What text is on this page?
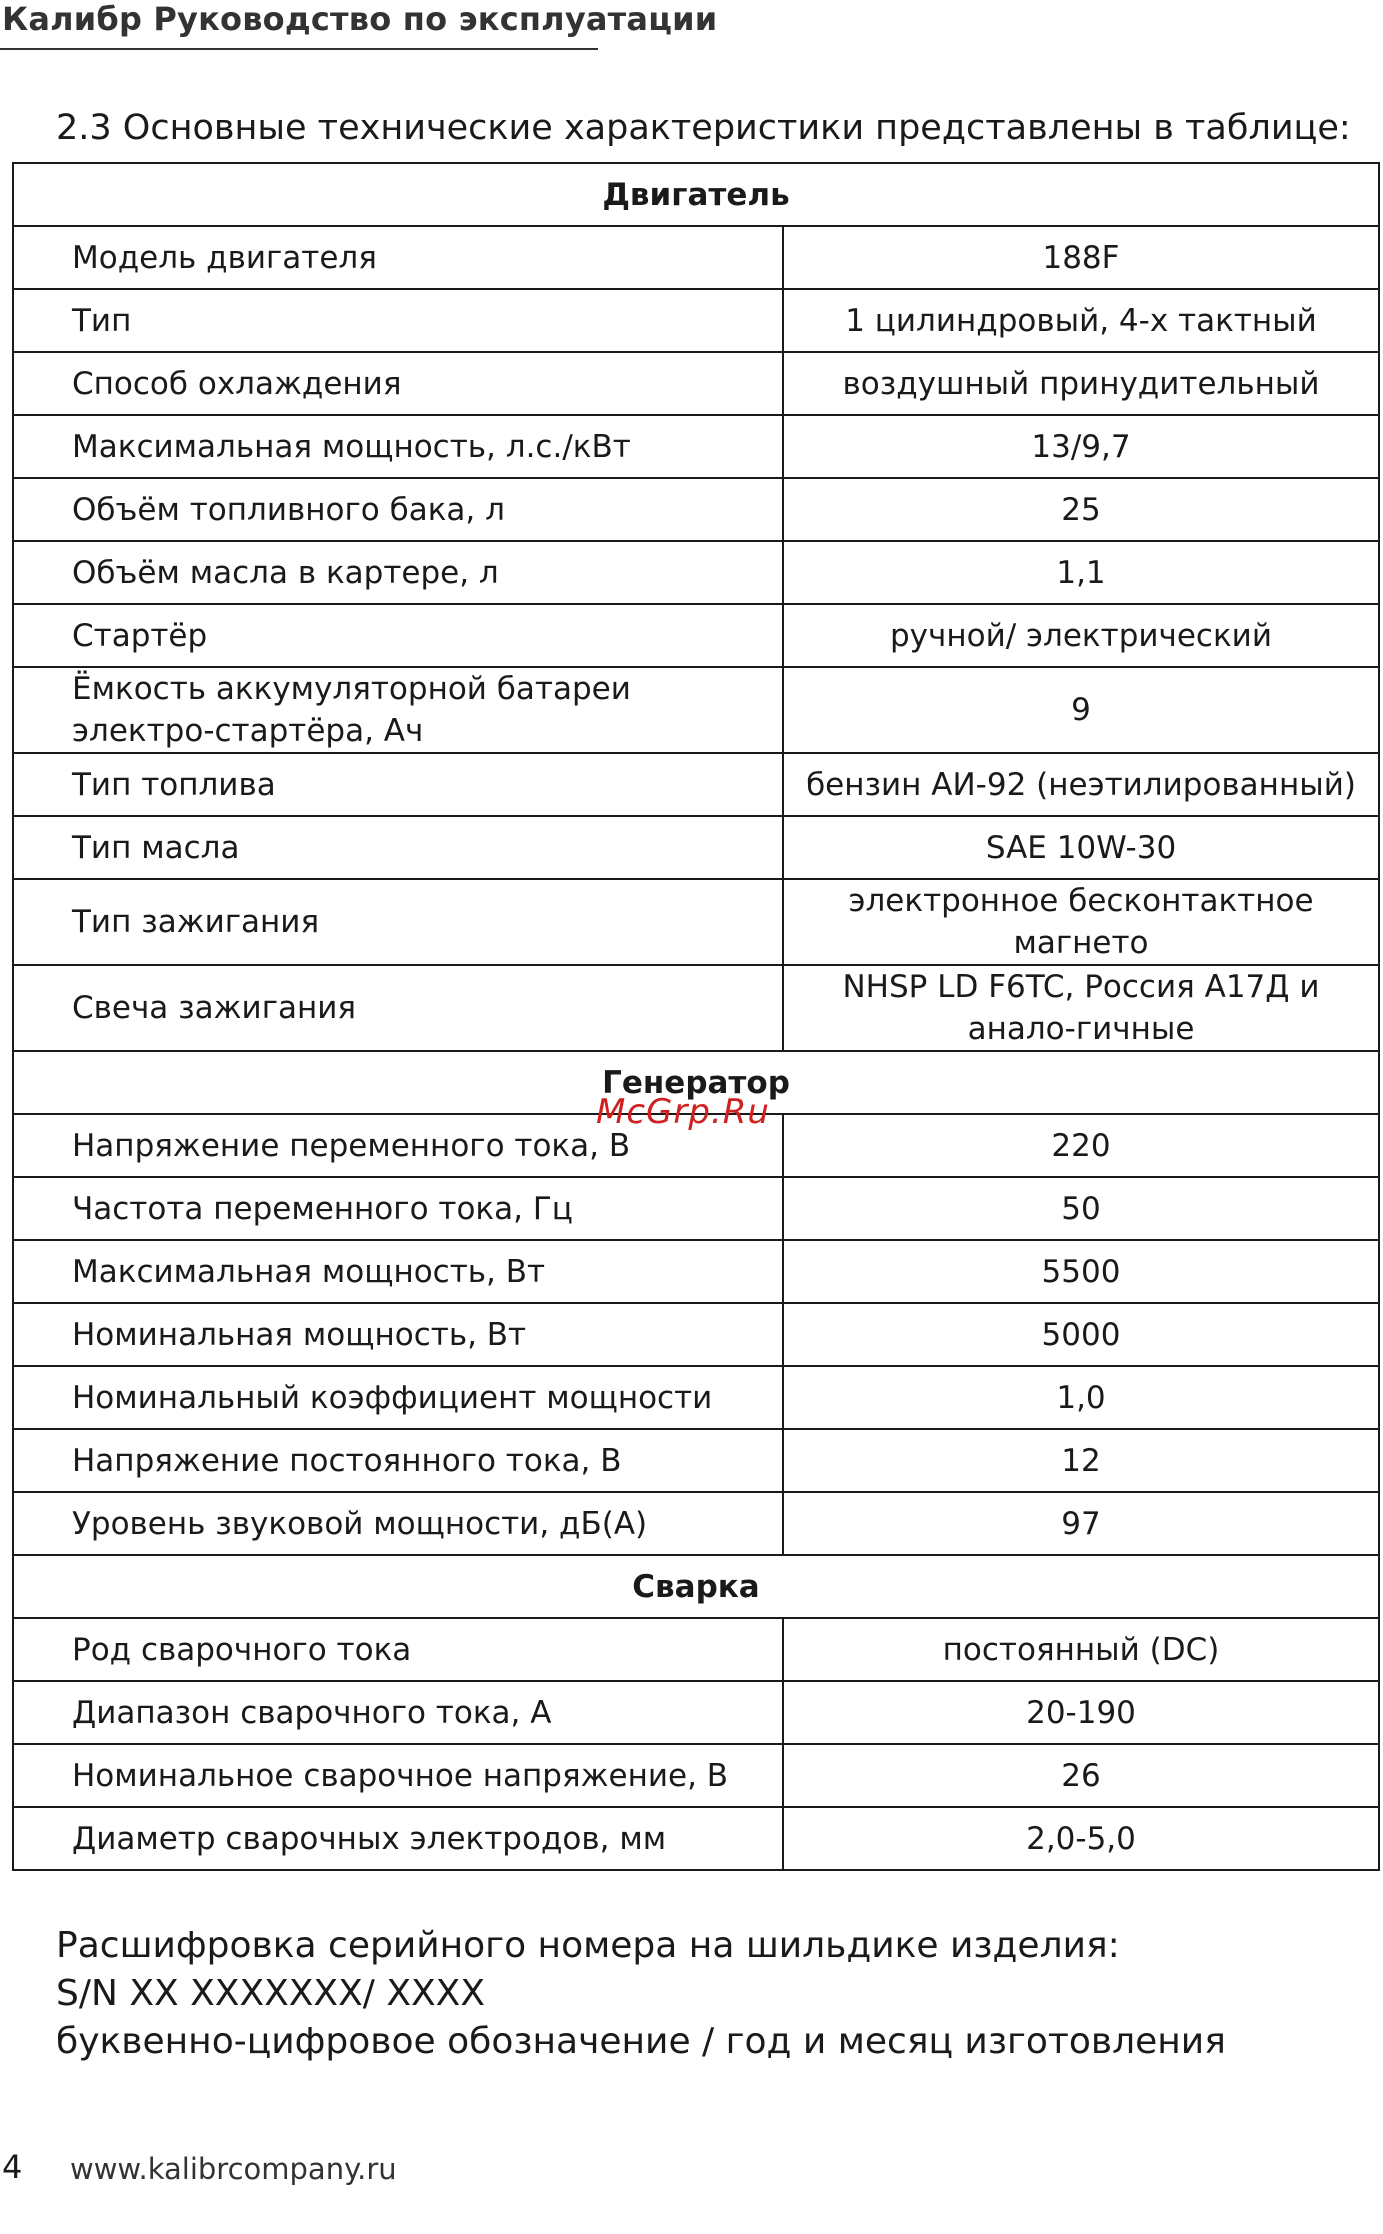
Калибр Руководство по эксплуатации
2.3 Основные технические характеристики представлены в таблице:
Двигатель	
Модель двигателя	188F
Тип	1 цилиндровый, 4-х тактный
Способ охлаждения	воздушный принудительный
Максимальная мощность, л.с./кВт	13/9,7
Объём топливного бака, л	25
Объём масла в картере, л	1,1
Стартёр	ручной/ электрический
Ёмкость аккумуляторной батареи электро-стартёра, Ач	9
Тип топлива	бензин АИ-92 (неэтилированный)
Тип масла	SAE 10W-30
Тип зажигания	электронное бесконтактное магнето
Свеча зажигания	NHSP LD F6TC, Россия А17Д и анало-гичные
Генератор	
Напряжение переменного тока, В	220
Частота переменного тока, Гц	50
Максимальная мощность, Вт	5500
Номинальная мощность, Вт	5000
Номинальный коэффициент мощности	1,0
Напряжение постоянного тока, В	12
Уровень звуковой мощности, дБ(А)	97
Сварка	
Род сварочного тока	постоянный (DC)
Диапазон сварочного тока, А	20-190
Номинальное сварочное напряжение, В	26
Диаметр сварочных электродов, мм	2,0-5,0
McGrp.Ru
Расшифровка серийного номера на шильдике изделия:
S/N XX XXXXXXX/ XXXX
буквенно-цифровое обозначение / год и месяц изготовления
4 www.kalibrcompany.ru
